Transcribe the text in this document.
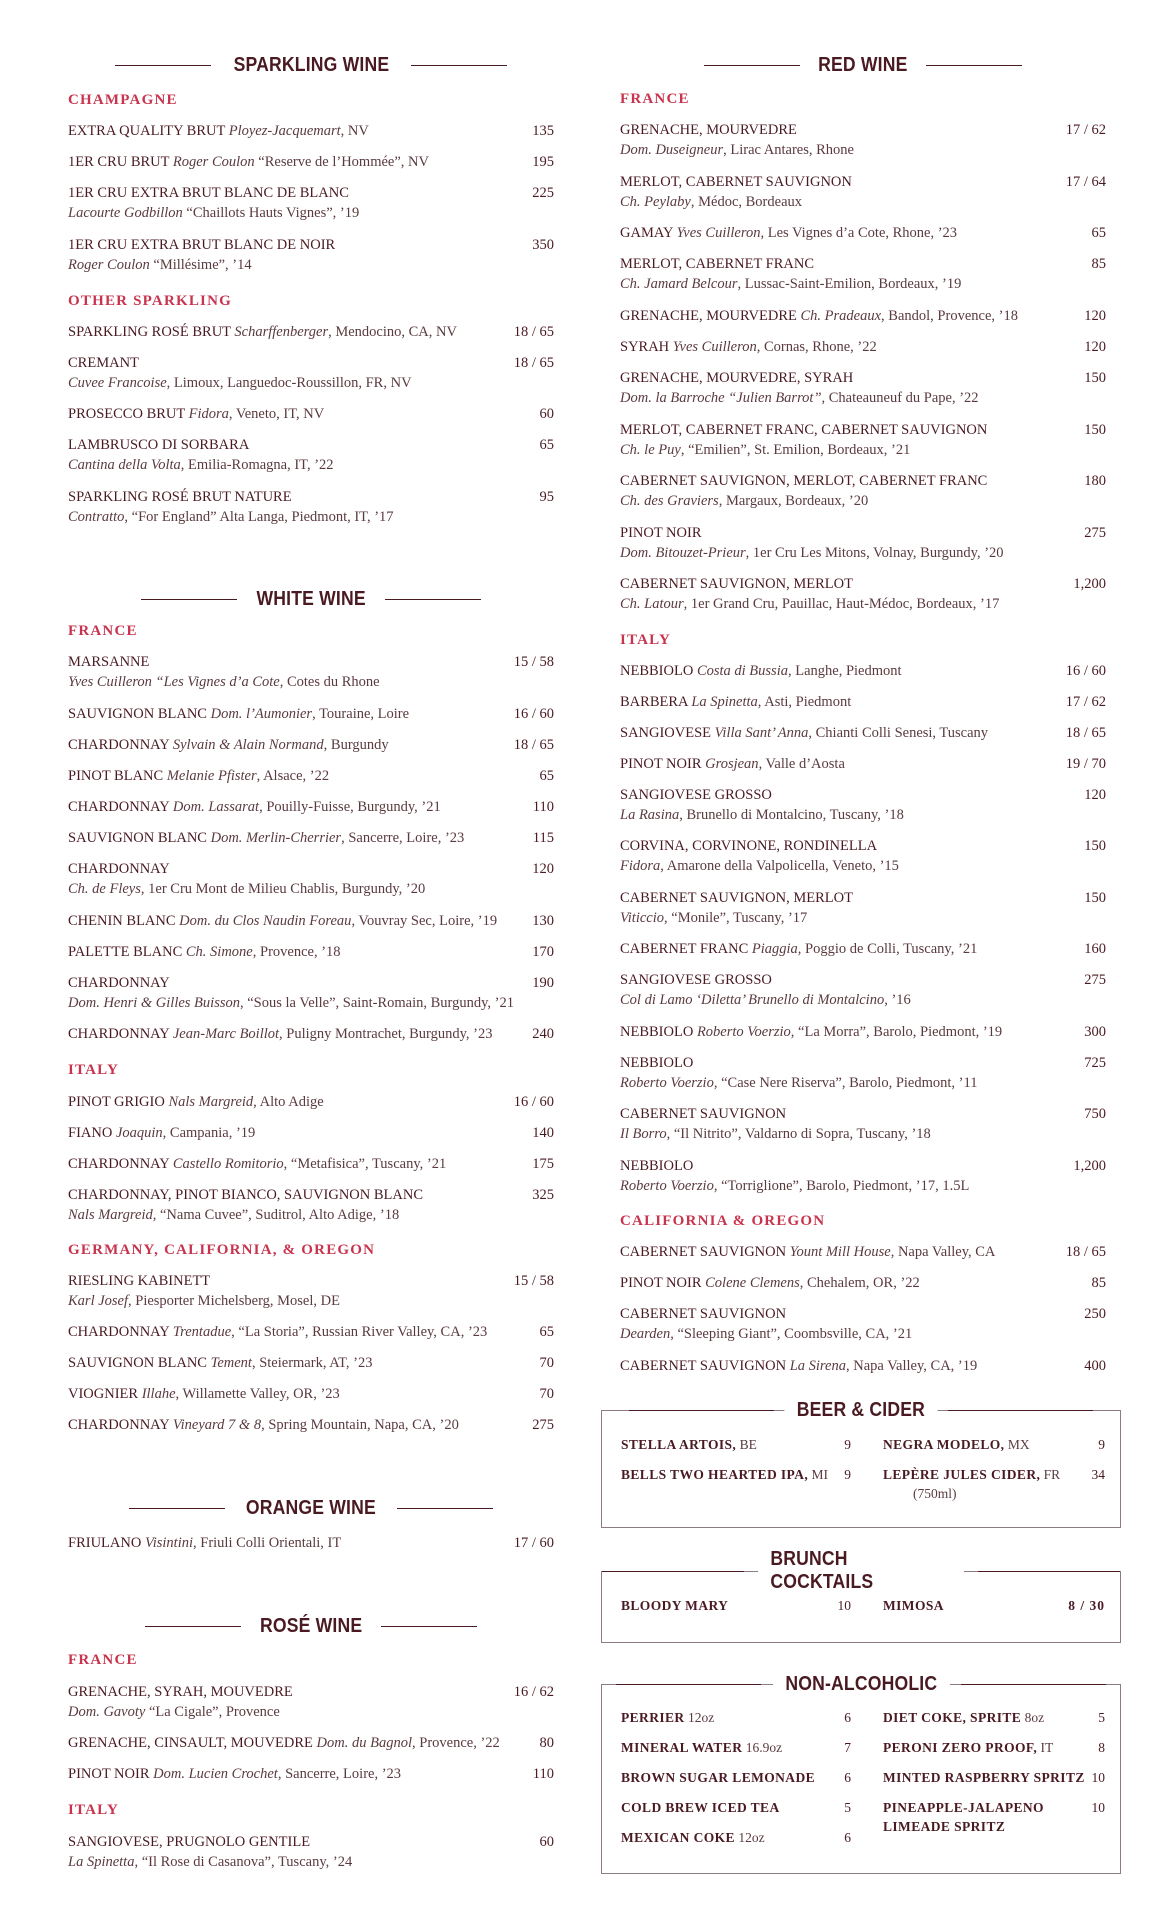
SPARKLING WINE
CHAMPAGNE
EXTRA QUALITY BRUT Ployez-Jacquemart, NV	135
1ER CRU BRUT Roger Coulon “Reserve de l’Hommée”, NV	195
1ER CRU EXTRA BRUT BLANC DE BLANC	225
Lacourte Godbillon “Chaillots Hauts Vignes”, ’19
1ER CRU EXTRA BRUT BLANC DE NOIR	350
Roger Coulon “Millésime”, ’14
OTHER SPARKLING
SPARKLING ROSÉ BRUT Scharffenberger, Mendocino, CA, NV	18 / 65
CREMANT	18 / 65
Cuvee Francoise, Limoux, Languedoc-Roussillon, FR, NV
PROSECCO BRUT Fidora, Veneto, IT, NV	60
LAMBRUSCO DI SORBARA	65
Cantina della Volta, Emilia-Romagna, IT, ’22
SPARKLING ROSÉ BRUT NATURE	95
Contratto, “For England” Alta Langa, Piedmont, IT, ’17
WHITE WINE
FRANCE
MARSANNE	15 / 58
Yves Cuilleron “Les Vignes d’a Cote, Cotes du Rhone
SAUVIGNON BLANC Dom. l’Aumonier, Touraine, Loire	16 / 60
CHARDONNAY Sylvain & Alain Normand, Burgundy	18 / 65
PINOT BLANC Melanie Pfister, Alsace, ’22	65
CHARDONNAY Dom. Lassarat, Pouilly-Fuisse, Burgundy, ’21	110
SAUVIGNON BLANC Dom. Merlin-Cherrier, Sancerre, Loire, ’23	115
CHARDONNAY	120
Ch. de Fleys, 1er Cru Mont de Milieu Chablis, Burgundy, ’20
CHENIN BLANC Dom. du Clos Naudin Foreau, Vouvray Sec, Loire, ’19	130
PALETTE BLANC Ch. Simone, Provence, ’18	170
CHARDONNAY	190
Dom. Henri & Gilles Buisson, “Sous la Velle”, Saint-Romain, Burgundy, ’21
CHARDONNAY Jean-Marc Boillot, Puligny Montrachet, Burgundy, ’23	240
ITALY
PINOT GRIGIO Nals Margreid, Alto Adige	16 / 60
FIANO Joaquin, Campania, ’19	140
CHARDONNAY Castello Romitorio, “Metafisica”, Tuscany, ’21	175
CHARDONNAY, PINOT BIANCO, SAUVIGNON BLANC	325
Nals Margreid, “Nama Cuvee”, Suditrol, Alto Adige, ’18
GERMANY, CALIFORNIA, & OREGON
RIESLING KABINETT	15 / 58
Karl Josef, Piesporter Michelsberg, Mosel, DE
CHARDONNAY Trentadue, “La Storia”, Russian River Valley, CA, ’23	65
SAUVIGNON BLANC Tement, Steiermark, AT, ’23	70
VIOGNIER Illahe, Willamette Valley, OR, ’23	70
CHARDONNAY Vineyard 7 & 8, Spring Mountain, Napa, CA, ’20	275
ORANGE WINE
FRIULANO Visintini, Friuli Colli Orientali, IT	17 / 60
ROSÉ WINE
FRANCE
GRENACHE, SYRAH, MOUVEDRE	16 / 62
Dom. Gavoty “La Cigale”, Provence
GRENACHE, CINSAULT, MOUVEDRE Dom. du Bagnol, Provence, ’22	80
PINOT NOIR Dom. Lucien Crochet, Sancerre, Loire, ’23	110
ITALY
SANGIOVESE, PRUGNOLO GENTILE	60
La Spinetta, “Il Rose di Casanova”, Tuscany, ’24
RED WINE
FRANCE
GRENACHE, MOURVEDRE	17 / 62
Dom. Duseigneur, Lirac Antares, Rhone
MERLOT, CABERNET SAUVIGNON	17 / 64
Ch. Peylaby, Médoc, Bordeaux
GAMAY Yves Cuilleron, Les Vignes d’a Cote, Rhone, ’23	65
MERLOT, CABERNET FRANC	85
Ch. Jamard Belcour, Lussac-Saint-Emilion, Bordeaux, ’19
GRENACHE, MOURVEDRE Ch. Pradeaux, Bandol, Provence, ’18	120
SYRAH Yves Cuilleron, Cornas, Rhone, ’22	120
GRENACHE, MOURVEDRE, SYRAH	150
Dom. la Barroche “Julien Barrot”, Chateauneuf du Pape, ’22
MERLOT, CABERNET FRANC, CABERNET SAUVIGNON	150
Ch. le Puy, “Emilien”, St. Emilion, Bordeaux, ’21
CABERNET SAUVIGNON, MERLOT, CABERNET FRANC	180
Ch. des Graviers, Margaux, Bordeaux, ’20
PINOT NOIR	275
Dom. Bitouzet-Prieur, 1er Cru Les Mitons, Volnay, Burgundy, ’20
CABERNET SAUVIGNON, MERLOT	1,200
Ch. Latour, 1er Grand Cru, Pauillac, Haut-Médoc, Bordeaux, ’17
ITALY
NEBBIOLO Costa di Bussia, Langhe, Piedmont	16 / 60
BARBERA La Spinetta, Asti, Piedmont	17 / 62
SANGIOVESE Villa Sant’ Anna, Chianti Colli Senesi, Tuscany	18 / 65
PINOT NOIR Grosjean, Valle d’Aosta	19 / 70
SANGIOVESE GROSSO	120
La Rasina, Brunello di Montalcino, Tuscany, ’18
CORVINA, CORVINONE, RONDINELLA	150
Fidora, Amarone della Valpolicella, Veneto, ’15
CABERNET SAUVIGNON, MERLOT	150
Viticcio, “Monile”, Tuscany, ’17
CABERNET FRANC Piaggia, Poggio de Colli, Tuscany, ’21	160
SANGIOVESE GROSSO	275
Col di Lamo ‘Diletta’ Brunello di Montalcino, ’16
NEBBIOLO Roberto Voerzio, “La Morra”, Barolo, Piedmont, ’19	300
NEBBIOLO	725
Roberto Voerzio, “Case Nere Riserva”, Barolo, Piedmont, ’11
CABERNET SAUVIGNON	750
Il Borro, “Il Nitrito”, Valdarno di Sopra, Tuscany, ’18
NEBBIOLO	1,200
Roberto Voerzio, “Torriglione”, Barolo, Piedmont, ’17, 1.5L
CALIFORNIA & OREGON
CABERNET SAUVIGNON Yount Mill House, Napa Valley, CA	18 / 65
PINOT NOIR Colene Clemens, Chehalem, OR, ’22	85
CABERNET SAUVIGNON	250
Dearden, “Sleeping Giant”, Coombsville, CA, ’21
CABERNET SAUVIGNON La Sirena, Napa Valley, CA, ’19	400
BEER & CIDER
STELLA ARTOIS, BE	9
BELLS TWO HEARTED IPA, MI 9
NEGRA MODELO, MX	9
LEPÈRE JULES CIDER, FR 34
(750ml)
BRUNCH COCKTAILS
BLOODY MARY	10 MIMOSA	8 / 30
NON-ALCOHOLIC
PERRIER 12oz	6
MINERAL WATER 16.9oz	7
BROWN SUGAR LEMONADE 6
COLD BREW ICED TEA	5
MEXICAN COKE 12oz	6
DIET COKE, SPRITE 8oz	5
PERONI ZERO PROOF, IT	8
MINTED RASPBERRY SPRITZ 10
PINEAPPLE-JALAPENO	10
LIMEADE SPRITZ
